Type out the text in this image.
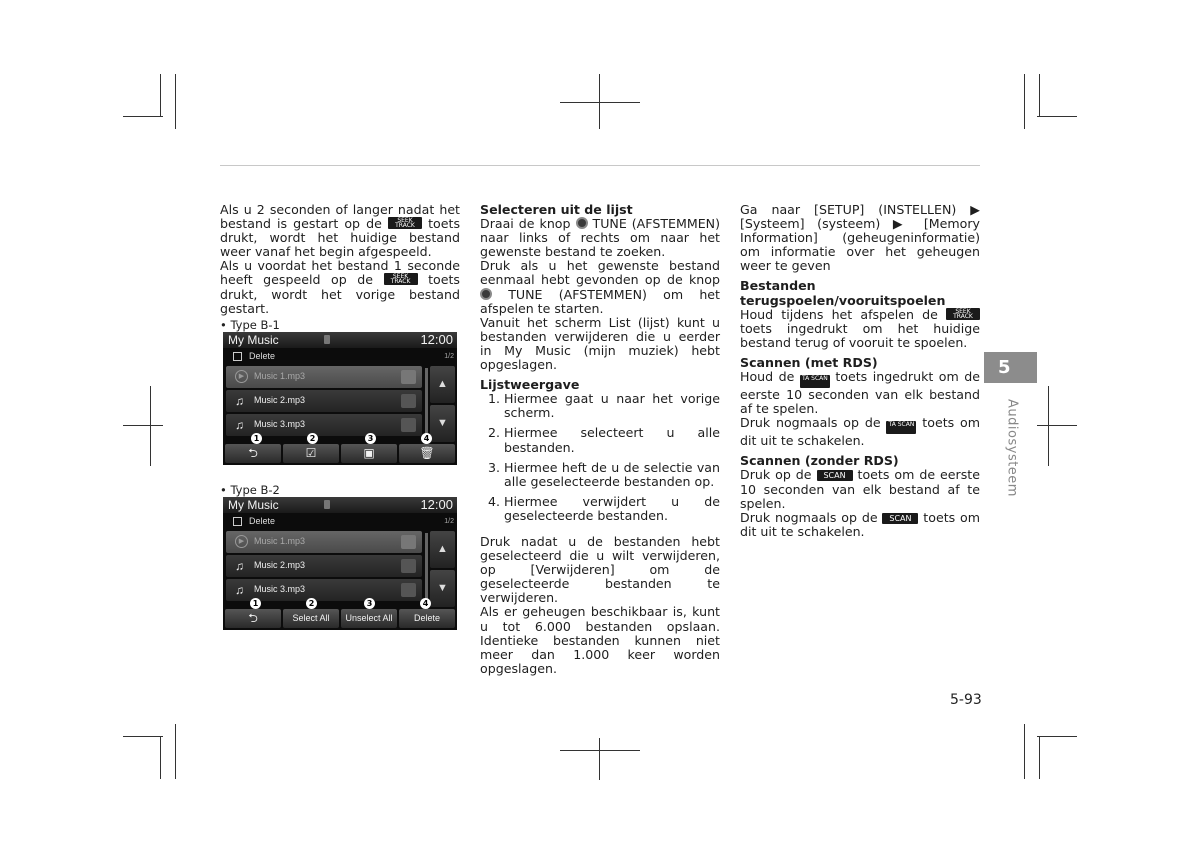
Als u 2 seconden of langer nadat het bestand is gestart op de	SEEK TRACK toets drukt, wordt het huidige bestand weer vanaf het begin afgespeeld.

Als u voordat het bestand 1 seconde heeft gespeeld op de	SEEK TRACK toets drukt, wordt het vorige bestand gestart.

• Type B-1
My Music	12:00
Delete	1/2
▶	Music 1.mp3
♫ Music 2.mp3
♫ Music 3.mp3
▲
▼
1	2	3	4
⮌	☑	▣	🗑
• Type B-2
My Music	12:00
Delete	1/2
▶	Music 1.mp3
♫ Music 2.mp3
♫ Music 3.mp3
▲
▼
1	2	3	4
⮌	Select All	Unselect All	Delete

Selecteren uit de lijst

Draai de knop TUNE (AFSTEMMEN) naar links of rechts om naar het gewenste bestand te zoeken.

Druk als u het gewenste bestand eenmaal hebt gevonden op de knop  TUNE (AFSTEMMEN) om het afspelen te starten.

Vanuit het scherm List (lijst) kunt u bestanden verwijderen die u eerder in My Music (mijn muziek) hebt opgeslagen.

Lijstweergave

1. Hiermee gaat u naar het vorige scherm.
2. Hiermee selecteert u alle bestanden.
3. Hiermee heft de u de selectie van alle geselecteerde bestanden op.
4. Hiermee verwijdert u de geselecteerde bestanden.

Druk nadat u de bestanden hebt geselecteerd die u wilt verwijderen, op [Verwijderen] om de geselecteerde bestanden te verwijderen.

Als er geheugen beschikbaar is, kunt u tot 6.000 bestanden opslaan. Identieke bestanden kunnen niet meer dan 1.000 keer worden opgeslagen.

Ga naar [SETUP] (INSTELLEN) ▶ [Systeem] (systeem) ▶ [Memory Information] (geheugeninformatie) om informatie over het geheugen weer te geven

Bestanden terugspoelen/vooruitspoelen

Houd tijdens het afspelen de	SEEK TRACK toets ingedrukt om het huidige bestand terug of vooruit te spoelen.

Scannen (met RDS)

Houd de TA SCAN toets ingedrukt om de eerste 10 seconden van elk bestand af te spelen.

Druk nogmaals op de TA SCAN toets om dit uit te schakelen.

Scannen (zonder RDS)

Druk op de SCAN toets om de eerste 10 seconden van elk bestand af te spelen.

Druk nogmaals op de SCAN toets om dit uit te schakelen.

5
Audiosysteem
5-93
